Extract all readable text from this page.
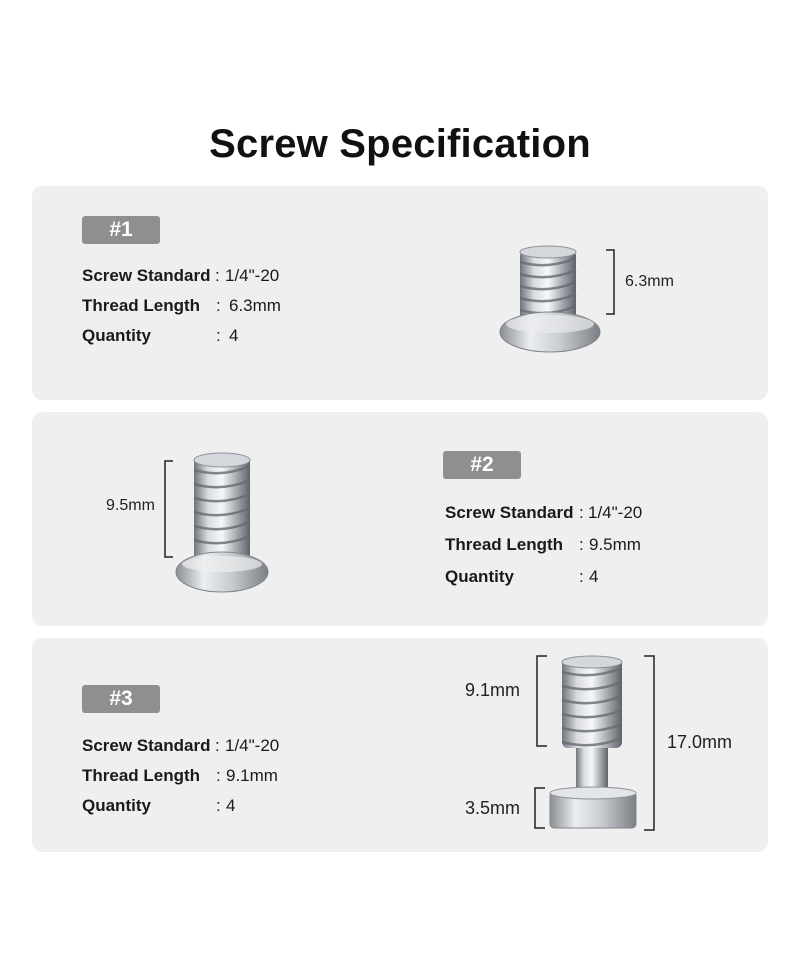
Screw Specification
#1
Screw Standard : 1/4"-20
Thread Length : 6.3mm
Quantity	: 4
6.3mm
9.5mm
#2
Screw Standard : 1/4"-20
Thread Length : 9.5mm
Quantity	: 4
#3
Screw Standard : 1/4"-20
Thread Length : 9.1mm
Quantity	: 4
9.1mm
3.5mm
17.0mm
